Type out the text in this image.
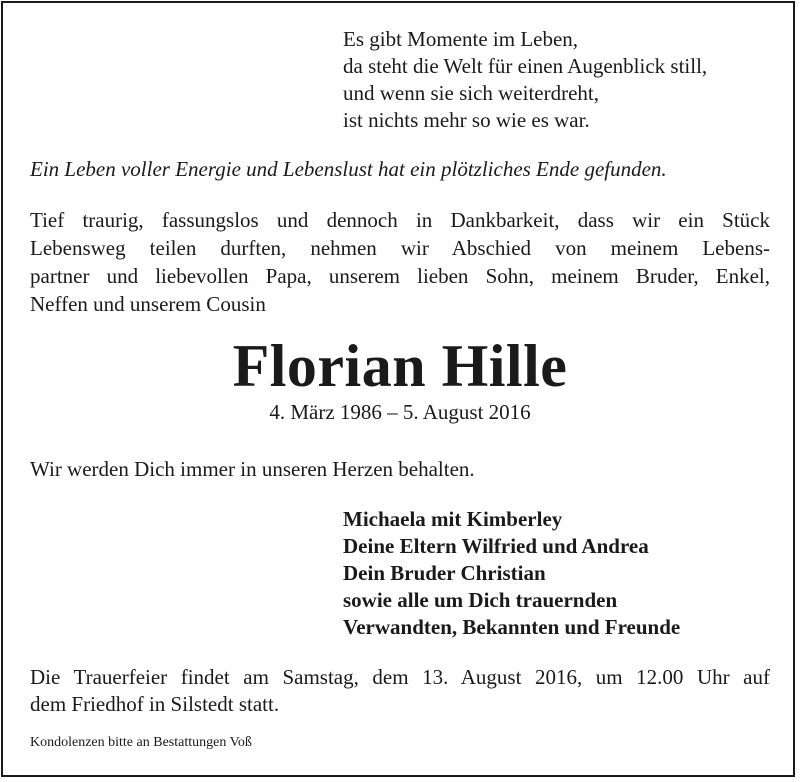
Es gibt Momente im Leben,
da steht die Welt für einen Augenblick still,
und wenn sie sich weiterdreht,
ist nichts mehr so wie es war.
Ein Leben voller Energie und Lebenslust hat ein plötzliches Ende gefunden.
Tief traurig, fassungslos und dennoch in Dankbarkeit, dass wir ein Stück
Lebensweg teilen durften, nehmen wir Abschied von meinem Lebens-
partner und liebevollen Papa, unserem lieben Sohn, meinem Bruder, Enkel,
Neffen und unserem Cousin
Florian Hille
4. März 1986 – 5. August 2016
Wir werden Dich immer in unseren Herzen behalten.
Michaela mit Kimberley
Deine Eltern Wilfried und Andrea
Dein Bruder Christian
sowie alle um Dich trauernden
Verwandten, Bekannten und Freunde
Die Trauerfeier findet am Samstag, dem 13. August 2016, um 12.00 Uhr auf
dem Friedhof in Silstedt statt.
Kondolenzen bitte an Bestattungen Voß
